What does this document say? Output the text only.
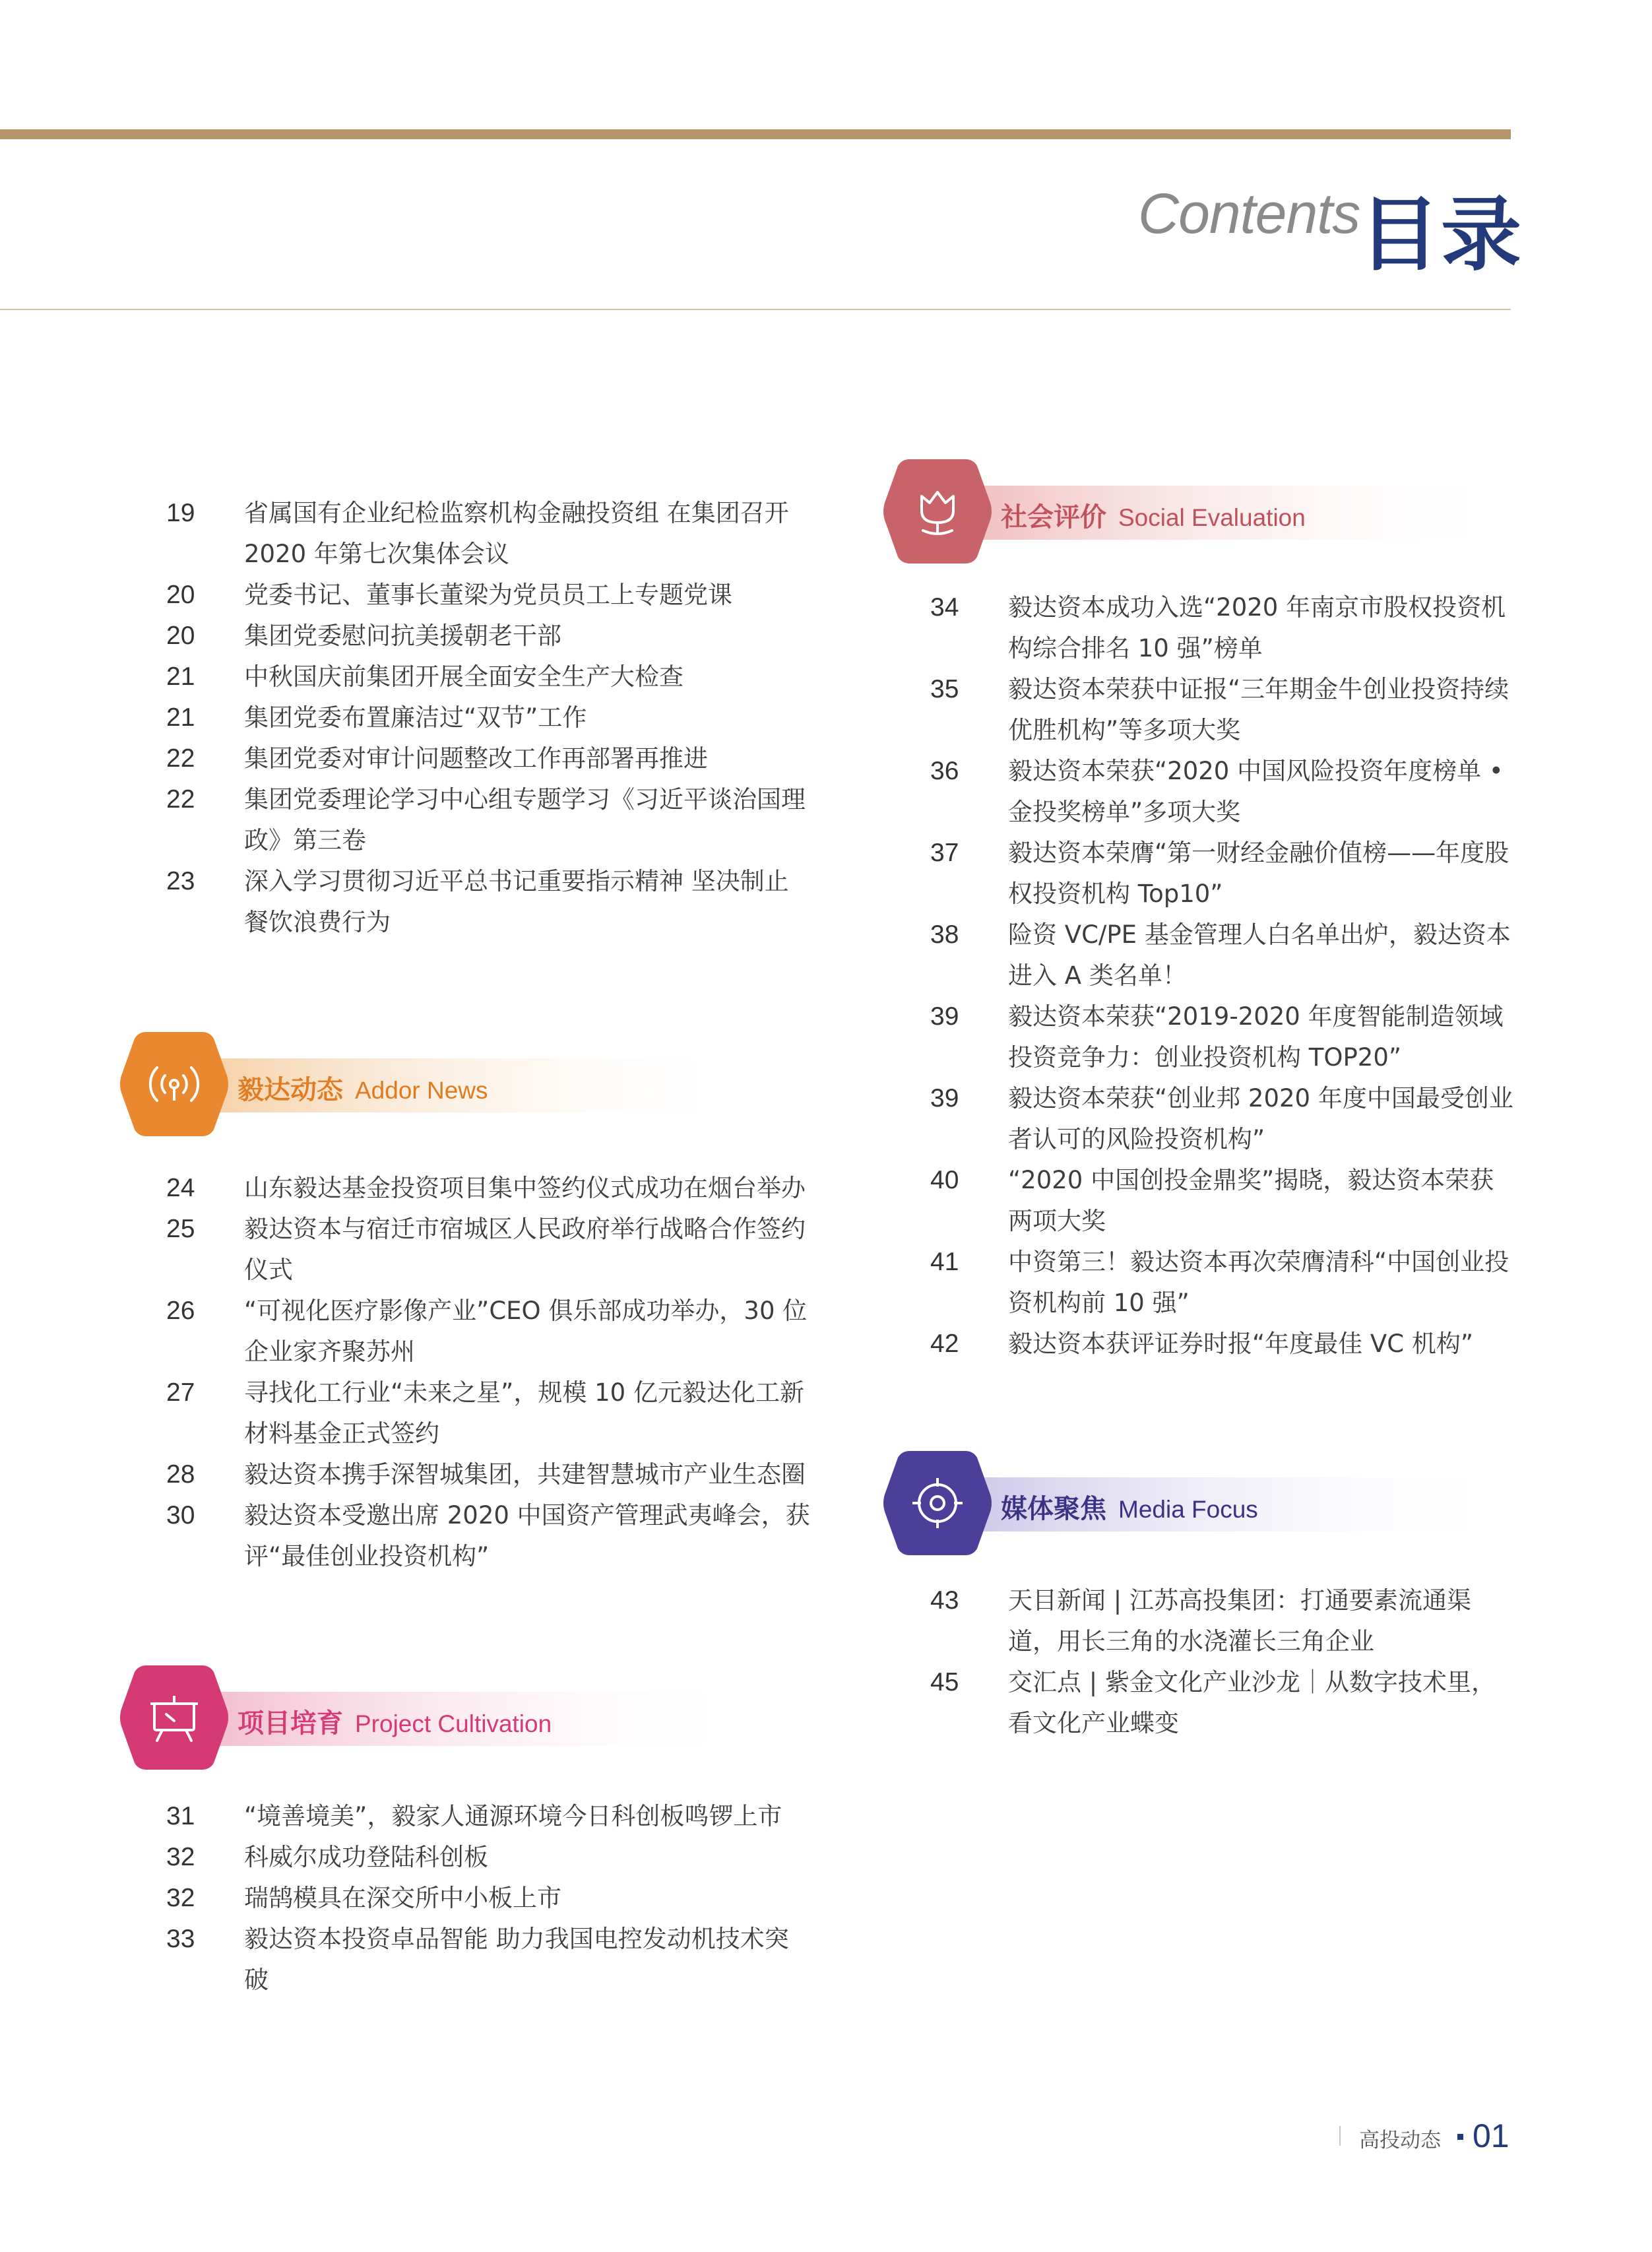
Contents
目录
19	省属国有企业纪检监察机构金融投资组 在集团召开2020 年第七次集体会议
20	党委书记、董事长董梁为党员员工上专题党课
20	集团党委慰问抗美援朝老干部
21	中秋国庆前集团开展全面安全生产大检查
21	集团党委布置廉洁过“双节”工作
22	集团党委对审计问题整改工作再部署再推进
22	集团党委理论学习中心组专题学习《习近平谈治国理政》第三卷
23	深入学习贯彻习近平总书记重要指示精神 坚决制止餐饮浪费行为
毅达动态 Addor News
24	山东毅达基金投资项目集中签约仪式成功在烟台举办
25	毅达资本与宿迁市宿城区人民政府举行战略合作签约仪式
26	“可视化医疗影像产业”CEO 俱乐部成功举办，30 位企业家齐聚苏州
27	寻找化工行业“未来之星”，规模 10 亿元毅达化工新材料基金正式签约
28	毅达资本携手深智城集团，共建智慧城市产业生态圈
30	毅达资本受邀出席 2020 中国资产管理武夷峰会，获评“最佳创业投资机构”
项目培育 Project Cultivation
31	“境善境美”，毅家人通源环境今日科创板鸣锣上市
32	科威尔成功登陆科创板
32	瑞鹄模具在深交所中小板上市
33	毅达资本投资卓品智能 助力我国电控发动机技术突破
社会评价 Social Evaluation
34	毅达资本成功入选“2020 年南京市股权投资机构综合排名 10 强”榜单
35	毅达资本荣获中证报“三年期金牛创业投资持续优胜机构”等多项大奖
36	毅达资本荣获“2020 中国风险投资年度榜单 • 金投奖榜单”多项大奖
37	毅达资本荣膺“第一财经金融价值榜——年度股权投资机构 Top10”
38	险资 VC/PE 基金管理人白名单出炉，毅达资本进入 A 类名单！
39	毅达资本荣获“2019-2020 年度智能制造领域投资竞争力：创业投资机构 TOP20”
39	毅达资本荣获“创业邦 2020 年度中国最受创业者认可的风险投资机构”
40	“2020 中国创投金鼎奖”揭晓，毅达资本荣获两项大奖
41	中资第三！毅达资本再次荣膺清科“中国创业投资机构前 10 强”
42	毅达资本获评证券时报“年度最佳 VC 机构”
媒体聚焦 Media Focus
43	天目新闻 | 江苏高投集团：打通要素流通渠道，用长三角的水浇灌长三角企业
45	交汇点 | 紫金文化产业沙龙｜从数字技术里，看文化产业蝶变
高投动态 01
